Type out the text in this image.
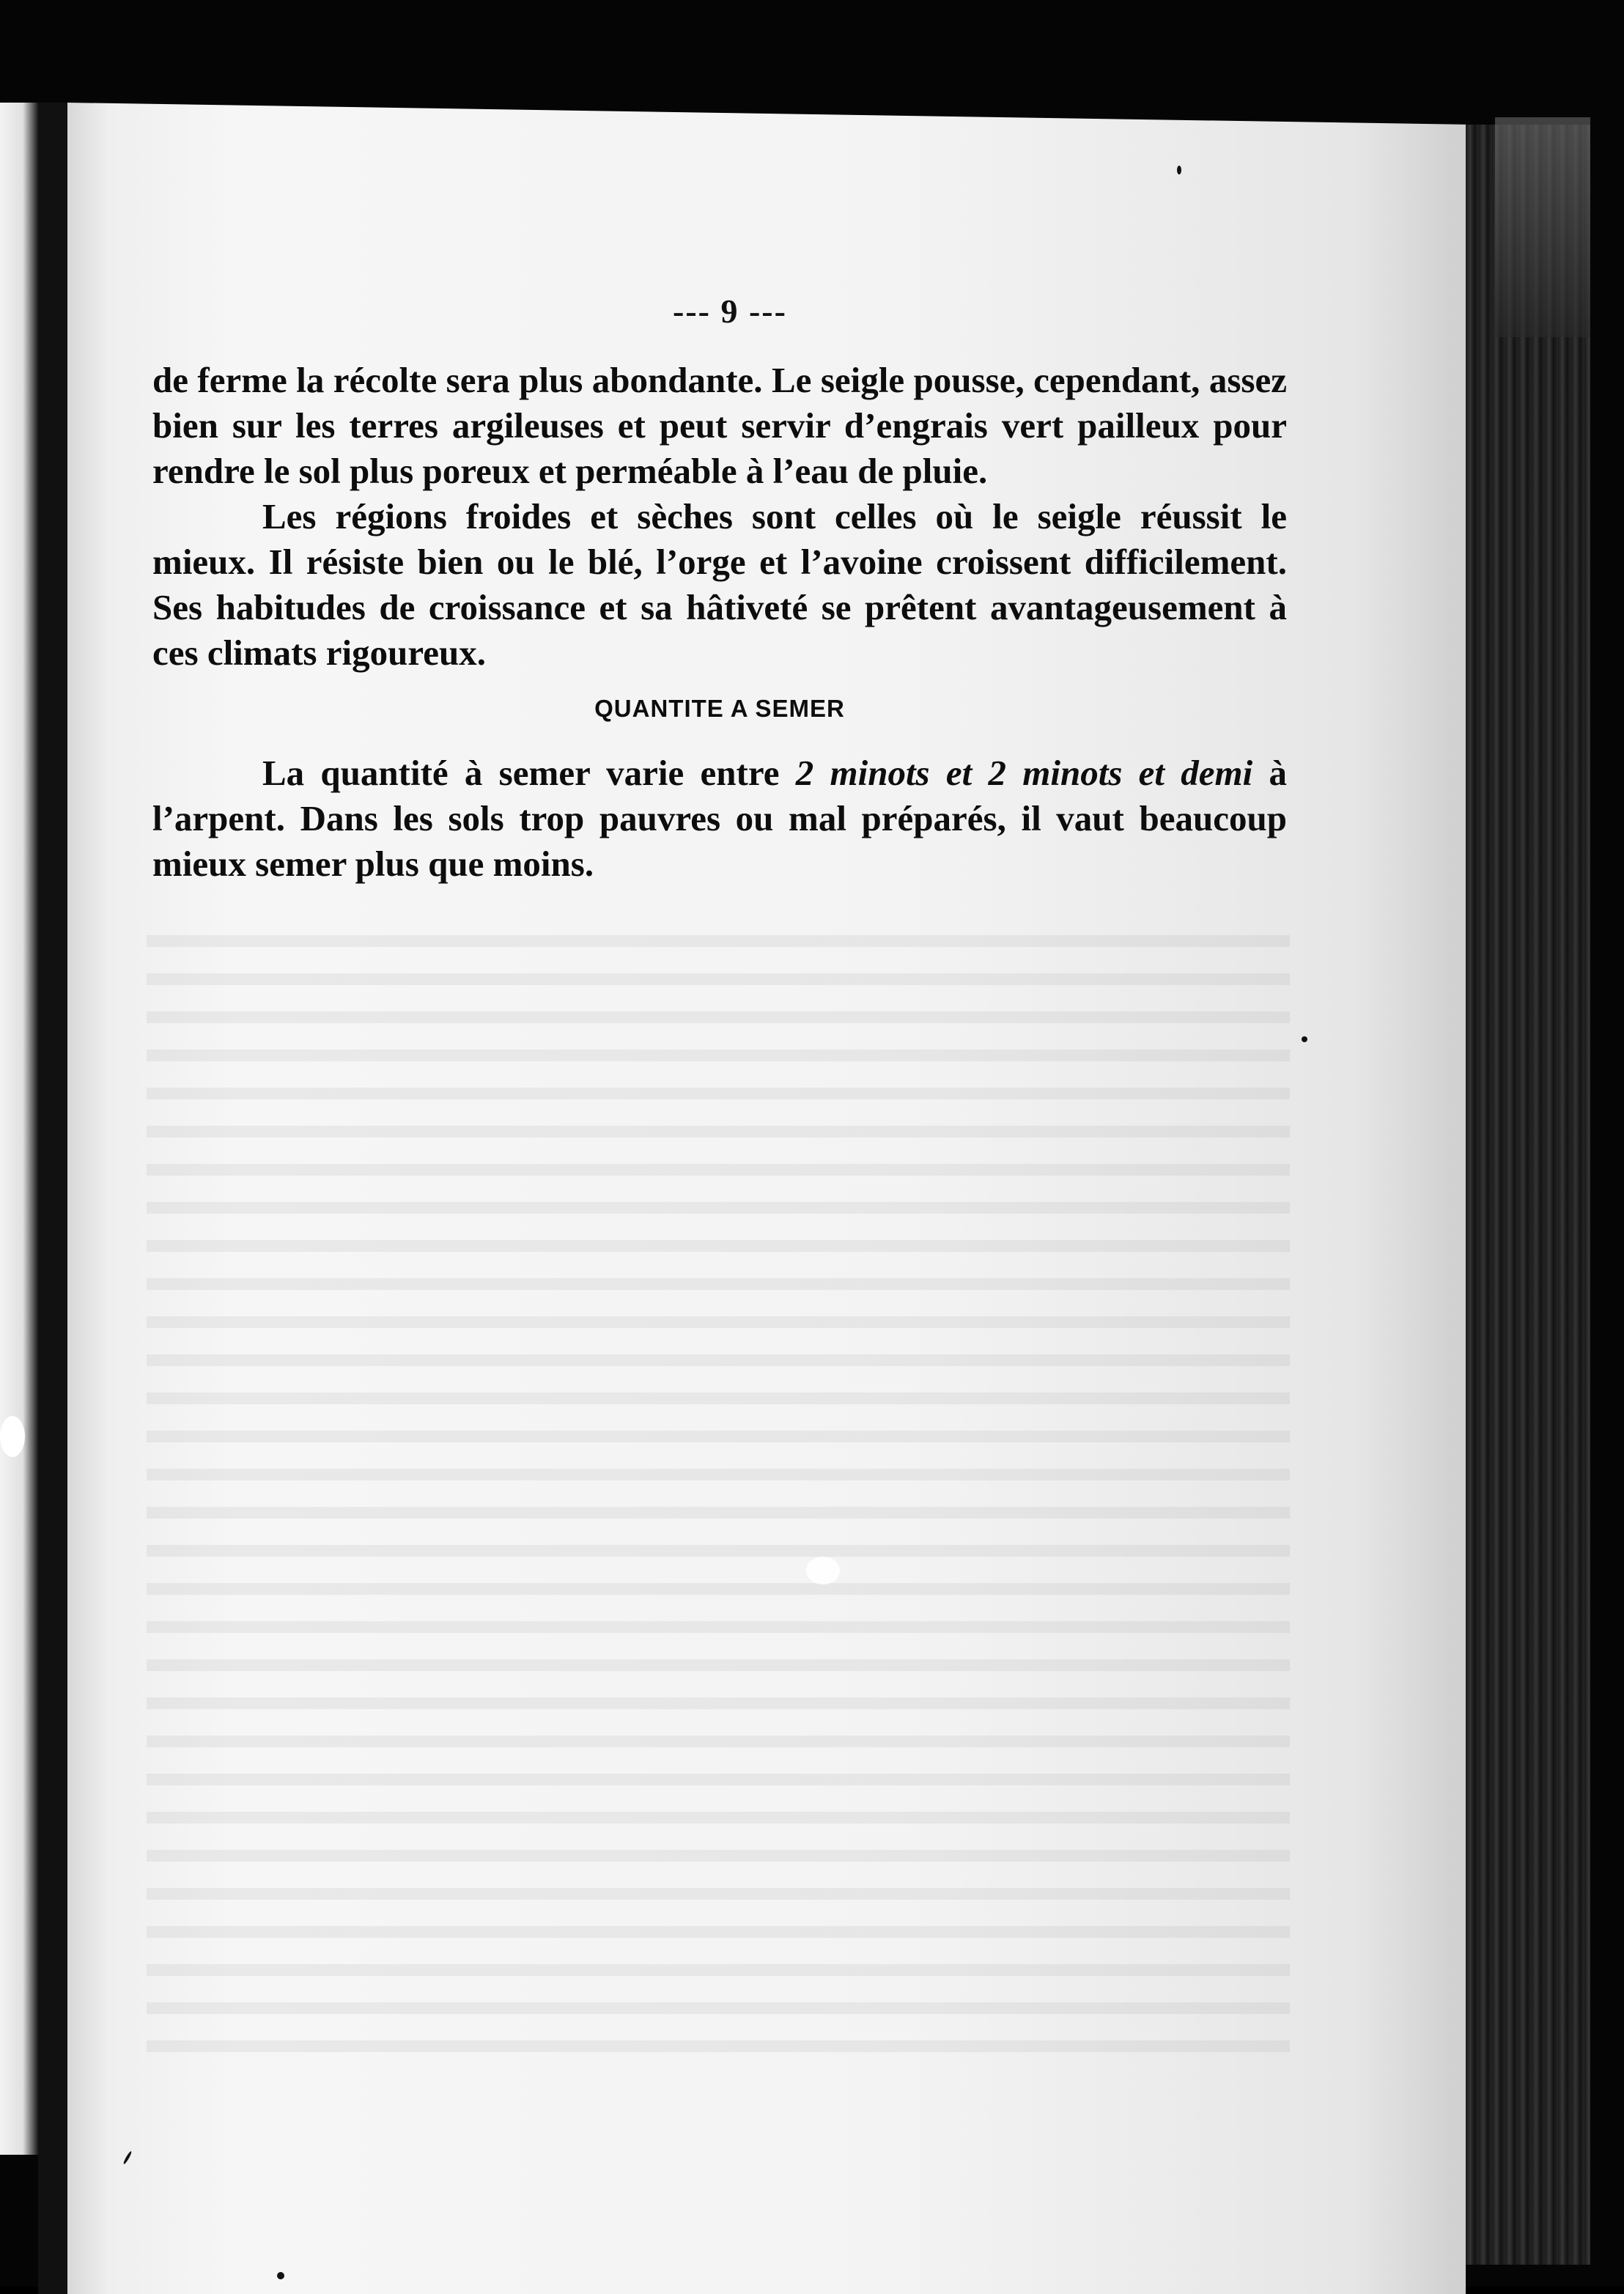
--- 9 ---

de ferme la récolte sera plus abondante. Le seigle pousse, cependant, assez bien sur les terres argileuses et peut servir d’engrais vert pailleux pour rendre le sol plus poreux et perméable à l’eau de pluie.

Les régions froides et sèches sont celles où le seigle réussit le mieux. Il résiste bien ou le blé, l’orge et l’avoine croissent difficilement. Ses habitudes de croissance et sa hâtiveté se prêtent avantageusement à ces climats rigoureux.

QUANTITE A SEMER

La quantité à semer varie entre 2 minots et 2 minots et demi à l’arpent. Dans les sols trop pauvres ou mal préparés, il vaut beaucoup mieux semer plus que moins.
